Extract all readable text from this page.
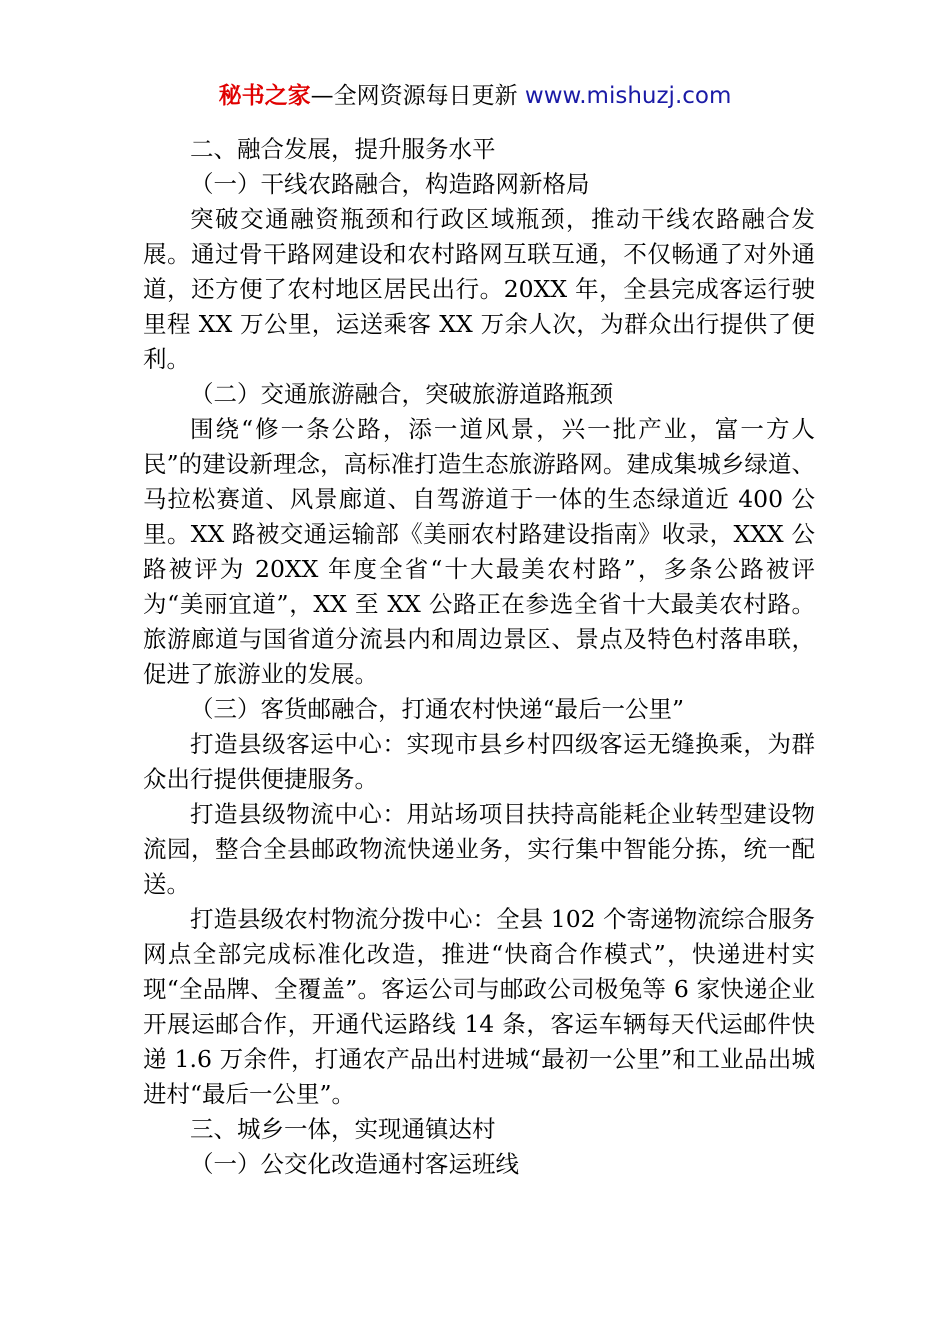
秘书之家—全网资源每日更新 www.mishuzj.com

二、融合发展，提升服务水平

（一）干线农路融合，构造路网新格局

突破交通融资瓶颈和行政区域瓶颈，推动干线农路融合发展。通过骨干路网建设和农村路网互联互通，不仅畅通了对外通道，还方便了农村地区居民出行。20XX 年，全县完成客运行驶里程 XX 万公里，运送乘客 XX 万余人次，为群众出行提供了便利。

（二）交通旅游融合，突破旅游道路瓶颈

围绕“修一条公路，添一道风景，兴一批产业，富一方人民”的建设新理念，高标准打造生态旅游路网。建成集城乡绿道、马拉松赛道、风景廊道、自驾游道于一体的生态绿道近 400 公里。XX 路被交通运输部《美丽农村路建设指南》收录，XXX 公路被评为 20XX 年度全省“十大最美农村路”，多条公路被评为“美丽宜道”，XX 至 XX 公路正在参选全省十大最美农村路。旅游廊道与国省道分流县内和周边景区、景点及特色村落串联，促进了旅游业的发展。

（三）客货邮融合，打通农村快递“最后一公里”

打造县级客运中心：实现市县乡村四级客运无缝换乘，为群众出行提供便捷服务。

打造县级物流中心：用站场项目扶持高能耗企业转型建设物流园，整合全县邮政物流快递业务，实行集中智能分拣，统一配送。

打造县级农村物流分拨中心：全县 102 个寄递物流综合服务网点全部完成标准化改造，推进“快商合作模式”，快递进村实现“全品牌、全覆盖”。客运公司与邮政公司极兔等 6 家快递企业开展运邮合作，开通代运路线 14 条，客运车辆每天代运邮件快递 1.6 万余件，打通农产品出村进城“最初一公里”和工业品出城进村“最后一公里”。

三、城乡一体，实现通镇达村

（一）公交化改造通村客运班线
